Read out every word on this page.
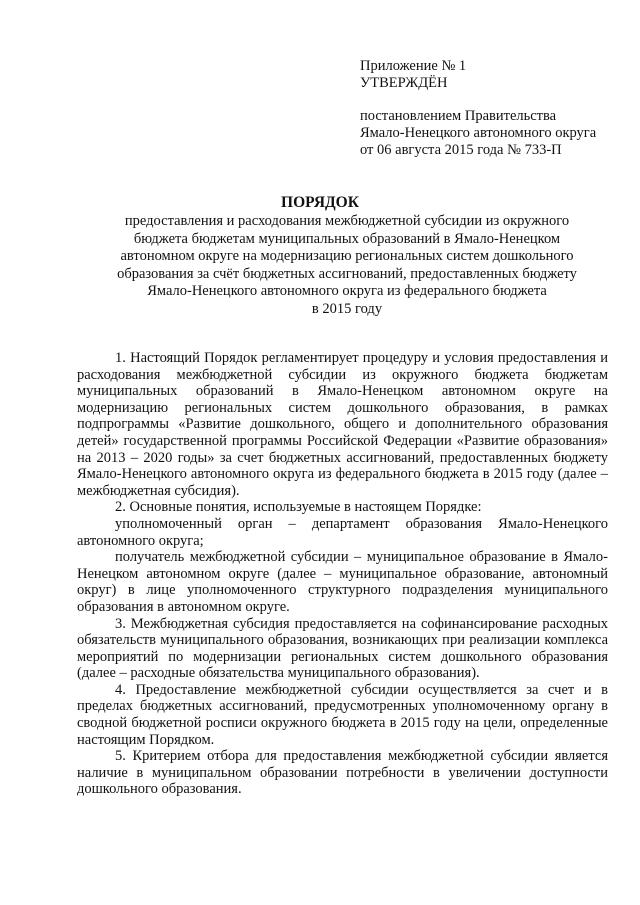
Приложение № 1
УТВЕРЖДЁН
постановлением Правительства
Ямало-Ненецкого автономного округа
от 06 августа 2015 года № 733-П
ПОРЯДОК
предоставления и расходования межбюджетной субсидии из окружного
бюджета бюджетам муниципальных образований в Ямало-Ненецком
автономном округе на модернизацию региональных систем дошкольного
образования за счёт бюджетных ассигнований, предоставленных бюджету
Ямало-Ненецкого автономного округа из федерального бюджета
в 2015 году

1. Настоящий Порядок регламентирует процедуру и условия предоставления и расходования межбюджетной субсидии из окружного бюджета бюджетам муниципальных образований в Ямало-Ненецком автономном округе на модернизацию региональных систем дошкольного образования, в рамках подпрограммы «Развитие дошкольного, общего и дополнительного образования детей» государственной программы Российской Федерации «Развитие образования» на 2013 – 2020 годы» за счет бюджетных ассигнований, предоставленных бюджету Ямало-Ненецкого автономного округа из федерального бюджета в 2015 году (далее – межбюджетная субсидия).

2. Основные понятия, используемые в настоящем Порядке:

уполномоченный орган – департамент образования Ямало-Ненецкого автономного округа;

получатель межбюджетной субсидии – муниципальное образование в Ямало-Ненецком автономном округе (далее – муниципальное образование, автономный округ) в лице уполномоченного структурного подразделения муниципального образования в автономном округе.

3. Межбюджетная субсидия предоставляется на софинансирование расходных обязательств муниципального образования, возникающих при реализации комплекса мероприятий по модернизации региональных систем дошкольного образования (далее – расходные обязательства муниципального образования).

4. Предоставление межбюджетной субсидии осуществляется за счет и в пределах бюджетных ассигнований, предусмотренных уполномоченному органу в сводной бюджетной росписи окружного бюджета в 2015 году на цели, определенные настоящим Порядком.

5. Критерием отбора для предоставления межбюджетной субсидии является наличие в муниципальном образовании потребности в увеличении доступности дошкольного образования.
